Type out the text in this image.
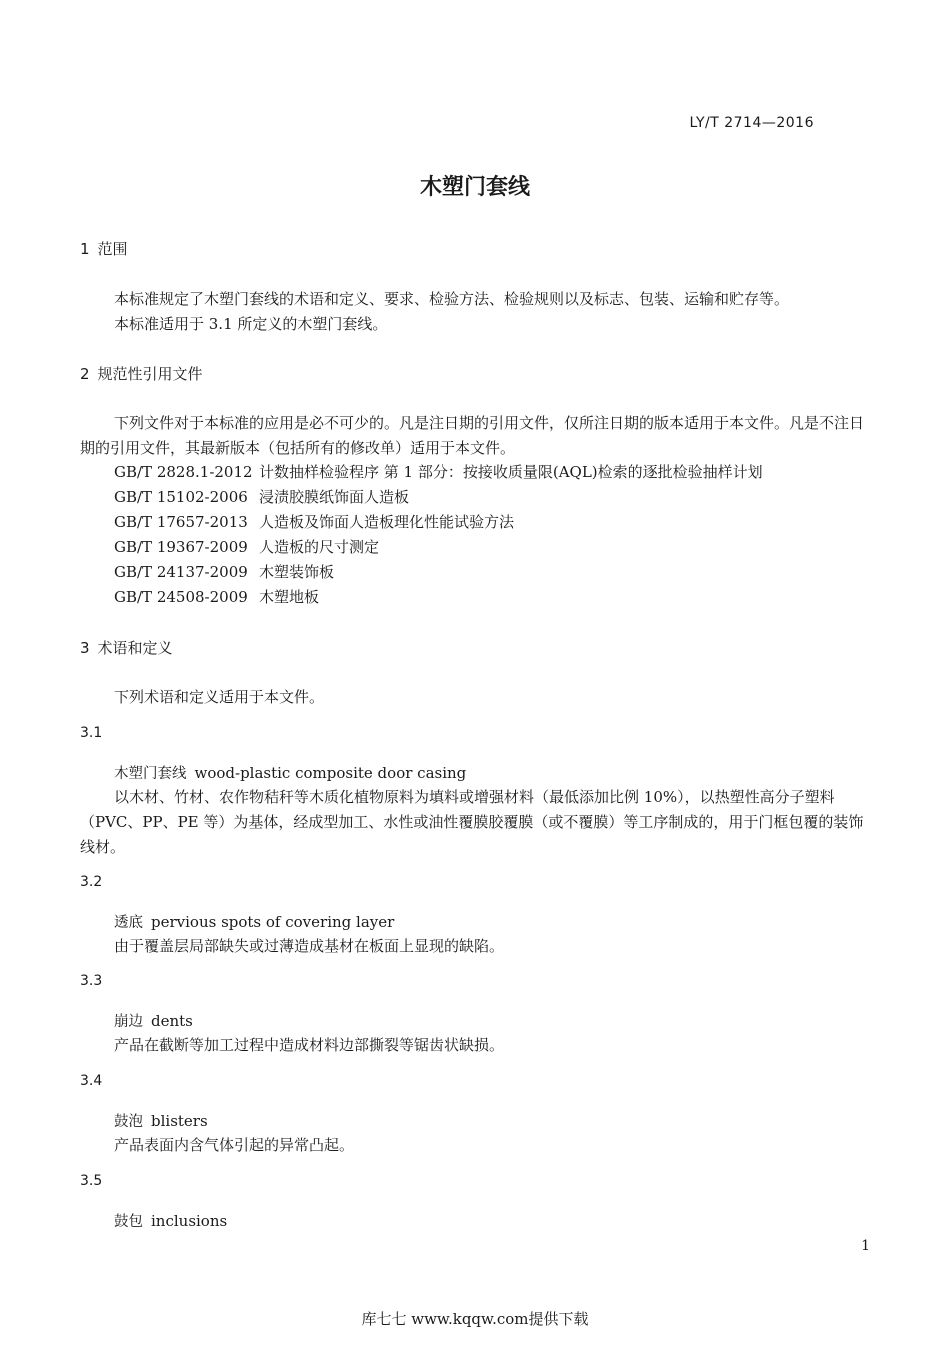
LY/T 2714—2016
木塑门套线
1 范围
本标准规定了木塑门套线的术语和定义、要求、检验方法、检验规则以及标志、包装、运输和贮存等。
本标准适用于 3.1 所定义的木塑门套线。
2 规范性引用文件
下列文件对于本标准的应用是必不可少的。凡是注日期的引用文件，仅所注日期的版本适用于本文件。凡是不注日期的引用文件，其最新版本（包括所有的修改单）适用于本文件。
GB/T 2828.1-2012 计数抽样检验程序 第 1 部分：按接收质量限(AQL)检索的逐批检验抽样计划
GB/T 15102-2006 浸渍胶膜纸饰面人造板
GB/T 17657-2013 人造板及饰面人造板理化性能试验方法
GB/T 19367-2009 人造板的尺寸测定
GB/T 24137-2009 木塑装饰板
GB/T 24508-2009 木塑地板
3 术语和定义
下列术语和定义适用于本文件。
3.1
木塑门套线 wood-plastic composite door casing
以木材、竹材、农作物秸秆等木质化植物原料为填料或增强材料（最低添加比例 10%），以热塑性高分子塑料（PVC、PP、PE 等）为基体，经成型加工、水性或油性覆膜胶覆膜（或不覆膜）等工序制成的，用于门框包覆的装饰线材。
3.2
透底 pervious spots of covering layer
由于覆盖层局部缺失或过薄造成基材在板面上显现的缺陷。
3.3
崩边 dents
产品在截断等加工过程中造成材料边部撕裂等锯齿状缺损。
3.4
鼓泡 blisters
产品表面内含气体引起的异常凸起。
3.5
鼓包 inclusions
1
库七七 www.kqqw.com提供下载
